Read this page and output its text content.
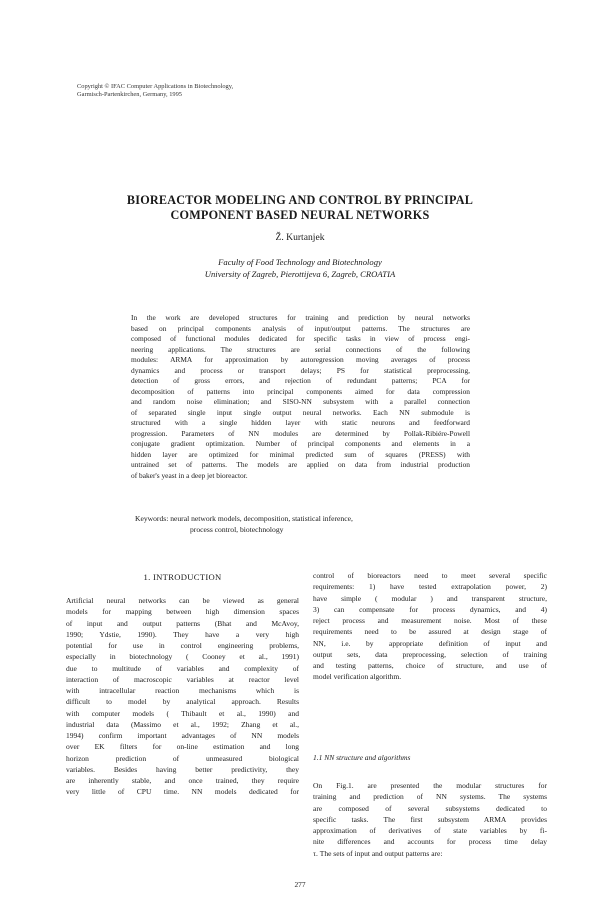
Copyright © IFAC Computer Applications in Biotechnology,
Garmisch-Partenkirchen, Germany, 1995
BIOREACTOR MODELING AND CONTROL BY PRINCIPAL
COMPONENT BASED NEURAL NETWORKS
Ž. Kurtanjek
Faculty of Food Technology and Biotechnology
University of Zagreb, Pierottijeva 6, Zagreb, CROATIA
In the work are developed structures for training and prediction by neural networks
based on principal components analysis of input/output patterns. The structures are
composed of functional modules dedicated for specific tasks in view of process engi-
neering applications. The structures are serial connections of the following
modules: ARMA for approximation by autoregression moving averages of process
dynamics and process or transport delays; PS for statistical preprocessing,
detection of gross errors, and rejection of redundant patterns; PCA for
decomposition of patterns into principal components aimed for data compression
and random noise elimination; and SISO-NN subsystem with a parallel connection
of separated single input single output neural networks. Each NN submodule is
structured with a single hidden layer with static neurons and feedforward
progression. Parameters of NN modules are determined by Pollak-Ribiére-Powell
conjugate gradient optimization. Number of principal components and elements in a
hidden layer are optimized for minimal predicted sum of squares (PRESS) with
untrained set of patterns. The models are applied on data from industrial production
of baker's yeast in a deep jet bioreactor.
Keywords: neural network models, decomposition, statistical inference,
process control, biotechnology
1. INTRODUCTION
Artificial neural networks can be viewed as general
models for mapping between high dimension spaces
of input and output patterns (Bhat and McAvoy,
1990; Ydstie, 1990). They have a very high
potential for use in control engineering problems,
especially in biotechnology ( Cooney et al., 1991)
due to multitude of variables and complexity of
interaction of macroscopic variables at reactor level
with intracellular reaction mechanisms which is
difficult to model by analytical approach. Results
with computer models ( Thibault et al., 1990) and
industrial data (Massimo et al., 1992; Zhang et al.,
1994) confirm important advantages of NN models
over EK filters for on-line estimation and long
horizon prediction of unmeasured biological
variables. Besides having better predictivity, they
are inherently stable, and once trained, they require
very little of CPU time. NN models dedicated for
control of bioreactors need to meet several specific
requirements: 1) have tested extrapolation power, 2)
have simple ( modular ) and transparent structure,
3) can compensate for process dynamics, and 4)
reject process and measurement noise. Most of these
requirements need to be assured at design stage of
NN, i.e. by appropriate definition of input and
output sets, data preprocessing, selection of training
and testing patterns, choice of structure, and use of
model verification algorithm.
1.1 NN structure and algorithms
On Fig.1. are presented the modular structures for
training and prediction of NN systems. The systems
are composed of several subsystems dedicated to
specific tasks. The first subsystem ARMA provides
approximation of derivatives of state variables by fi-
nite differences and accounts for process time delay
τ. The sets of input and output patterns are:
277
